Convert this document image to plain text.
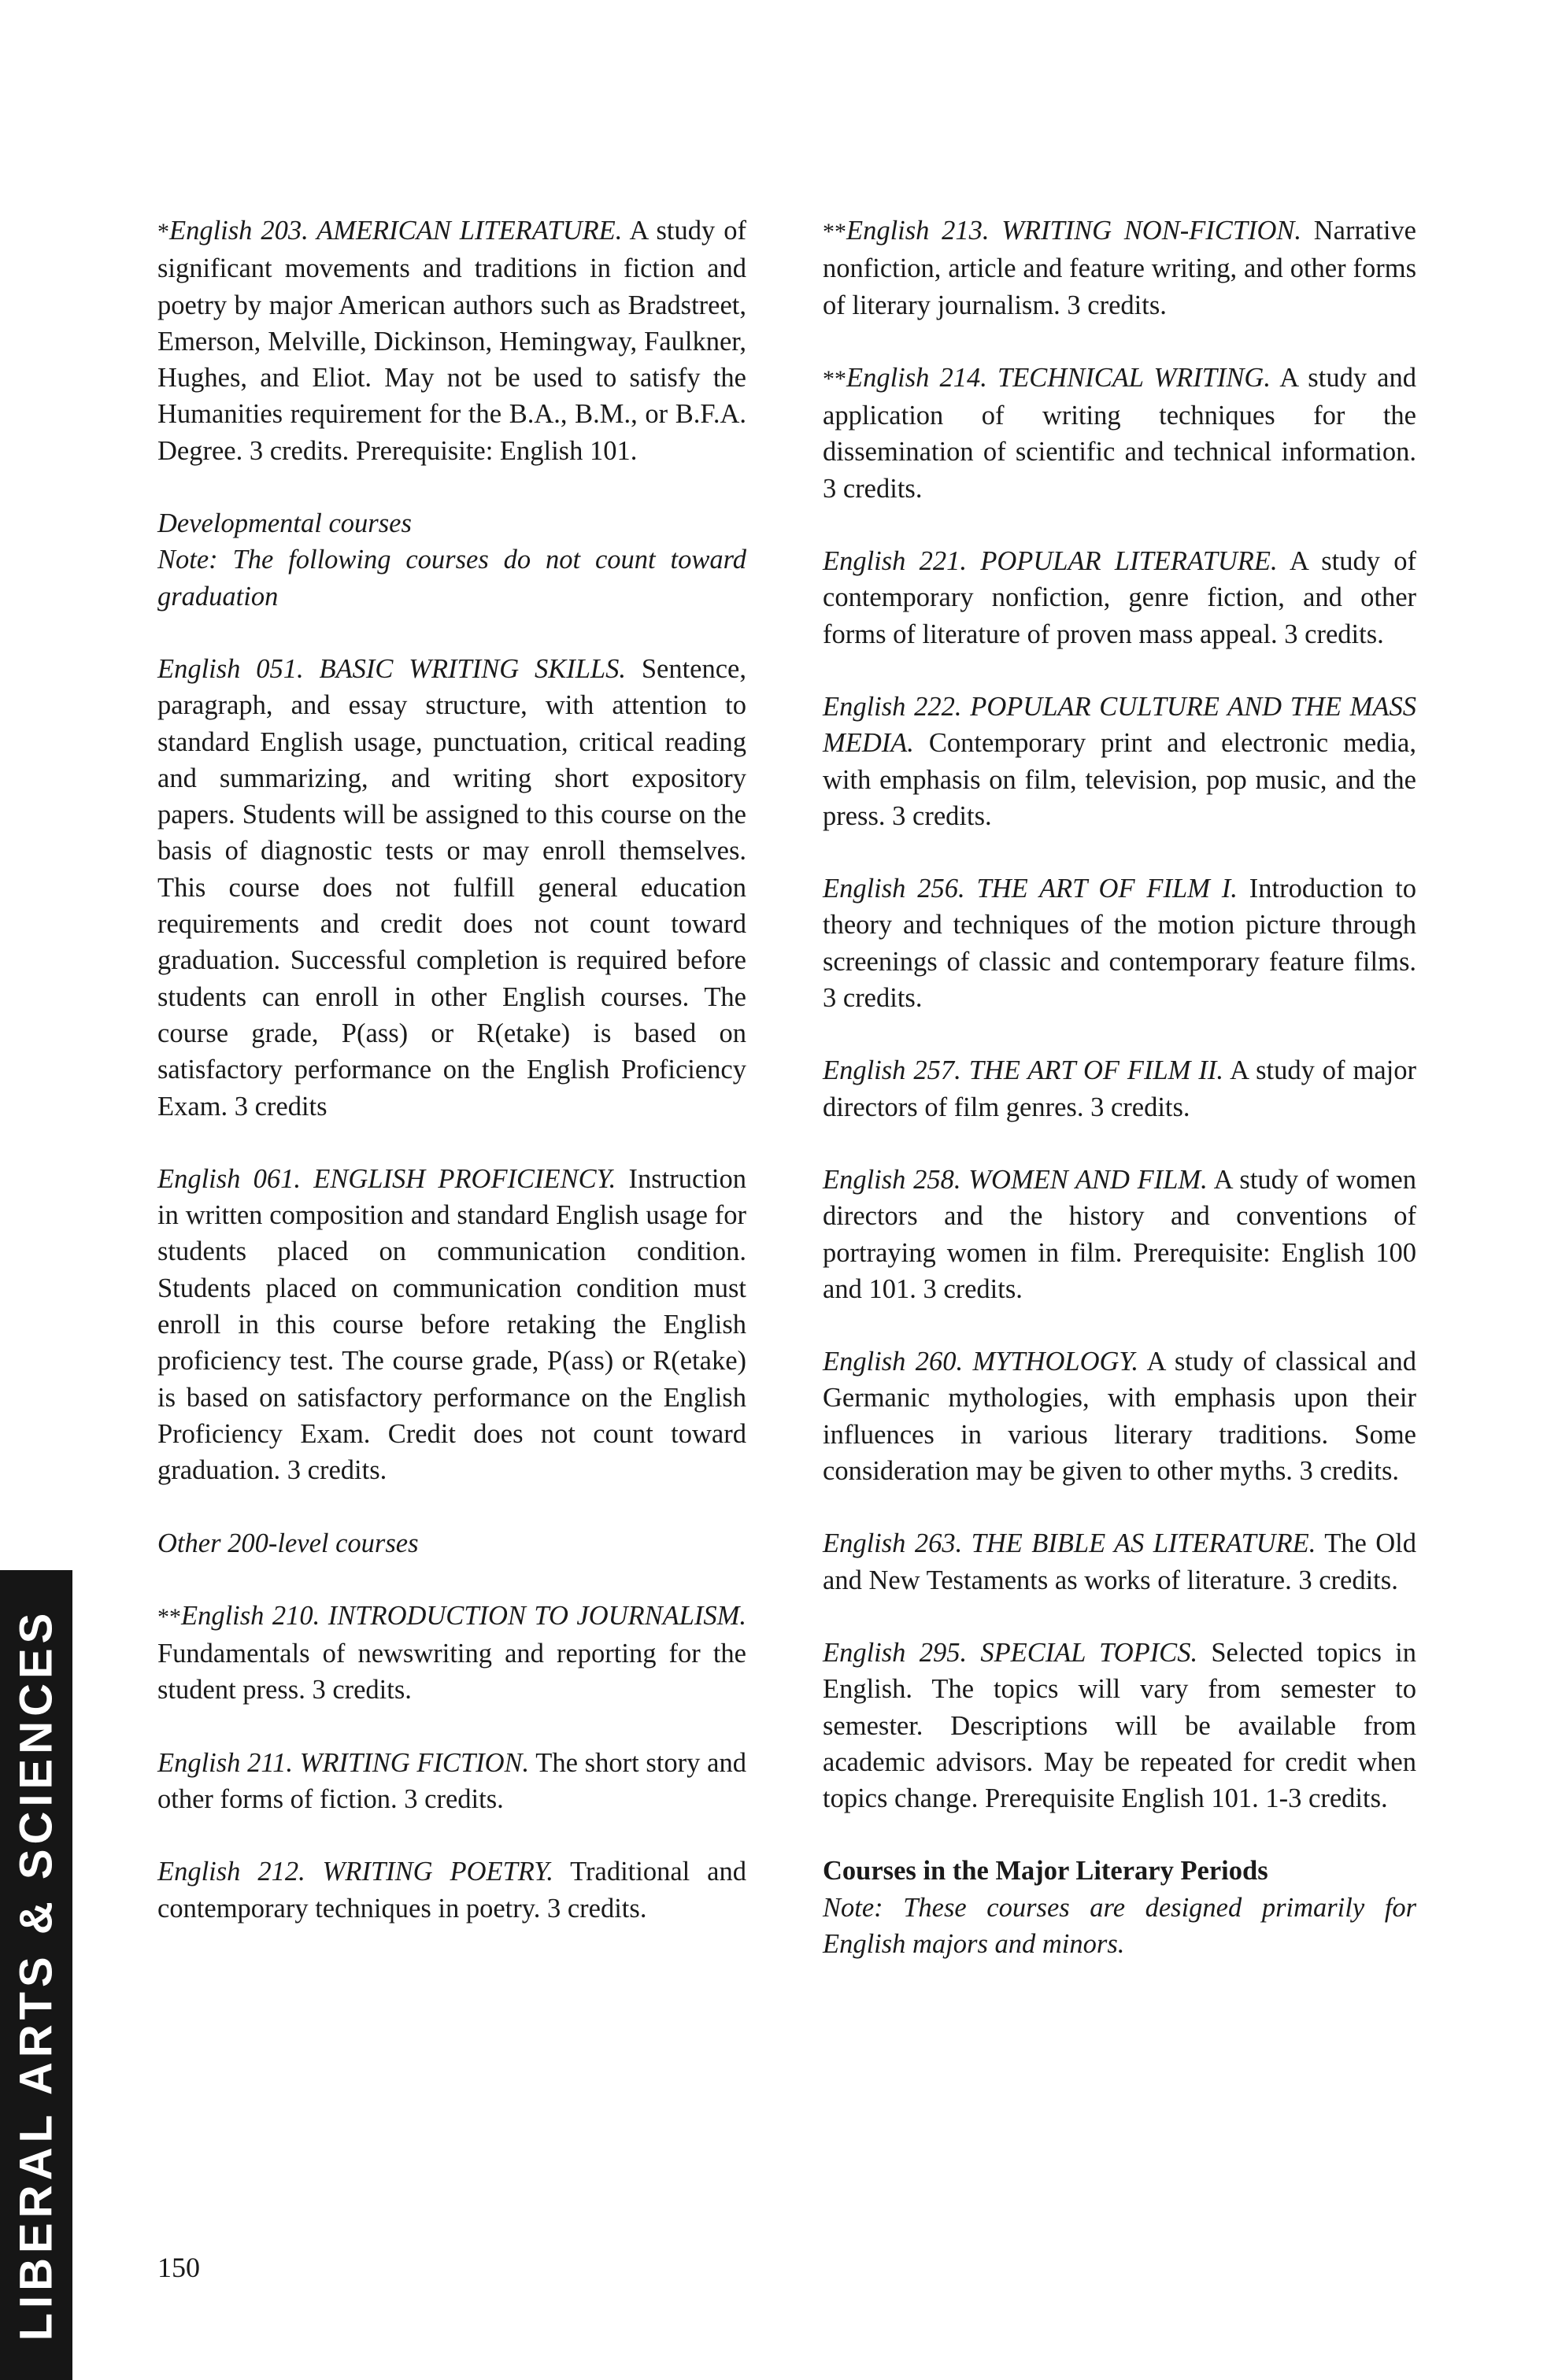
*English 203. AMERICAN LITERATURE. A study of significant movements and traditions in fiction and poetry by major American authors such as Bradstreet, Emerson, Melville, Dickinson, Hemingway, Faulkner, Hughes, and Eliot. May not be used to satisfy the Humanities requirement for the B.A., B.M., or B.F.A. Degree. 3 credits. Prerequisite: English 101.

Developmental courses

Note: The following courses do not count toward graduation

English 051. BASIC WRITING SKILLS. Sentence, paragraph, and essay structure, with attention to standard English usage, punctuation, critical reading and summarizing, and writing short expository papers. Students will be assigned to this course on the basis of diagnostic tests or may enroll themselves. This course does not fulfill general education requirements and credit does not count toward graduation. Successful completion is required before students can enroll in other English courses. The course grade, P(ass) or R(etake) is based on satisfactory performance on the English Proficiency Exam. 3 credits

English 061. ENGLISH PROFICIENCY. Instruction in written composition and standard English usage for students placed on communication condition. Students placed on communication condition must enroll in this course before retaking the English proficiency test. The course grade, P(ass) or R(etake) is based on satisfactory performance on the English Proficiency Exam. Credit does not count toward graduation. 3 credits.

Other 200-level courses

**English 210. INTRODUCTION TO JOURNALISM. Fundamentals of newswriting and reporting for the student press. 3 credits.

English 211. WRITING FICTION. The short story and other forms of fiction. 3 credits.

English 212. WRITING POETRY. Traditional and contemporary techniques in poetry. 3 credits.

**English 213. WRITING NON-FICTION. Narrative nonfiction, article and feature writing, and other forms of literary journalism. 3 credits.

**English 214. TECHNICAL WRITING. A study and application of writing techniques for the dissemination of scientific and technical information. 3 credits.

English 221. POPULAR LITERATURE. A study of contemporary nonfiction, genre fiction, and other forms of literature of proven mass appeal. 3 credits.

English 222. POPULAR CULTURE AND THE MASS MEDIA. Contemporary print and electronic media, with emphasis on film, television, pop music, and the press. 3 credits.

English 256. THE ART OF FILM I. Introduction to theory and techniques of the motion picture through screenings of classic and contemporary feature films. 3 credits.

English 257. THE ART OF FILM II. A study of major directors of film genres. 3 credits.

English 258. WOMEN AND FILM. A study of women directors and the history and conventions of portraying women in film. Prerequisite: English 100 and 101. 3 credits.

English 260. MYTHOLOGY. A study of classical and Germanic mythologies, with emphasis upon their influences in various literary traditions. Some consideration may be given to other myths. 3 credits.

English 263. THE BIBLE AS LITERATURE. The Old and New Testaments as works of literature. 3 credits.

English 295. SPECIAL TOPICS. Selected topics in English. The topics will vary from semester to semester. Descriptions will be available from academic advisors. May be repeated for credit when topics change. Prerequisite English 101. 1-3 credits.

Courses in the Major Literary Periods

Note: These courses are designed primarily for English majors and minors.

150
LIBERAL ARTS & SCIENCES
